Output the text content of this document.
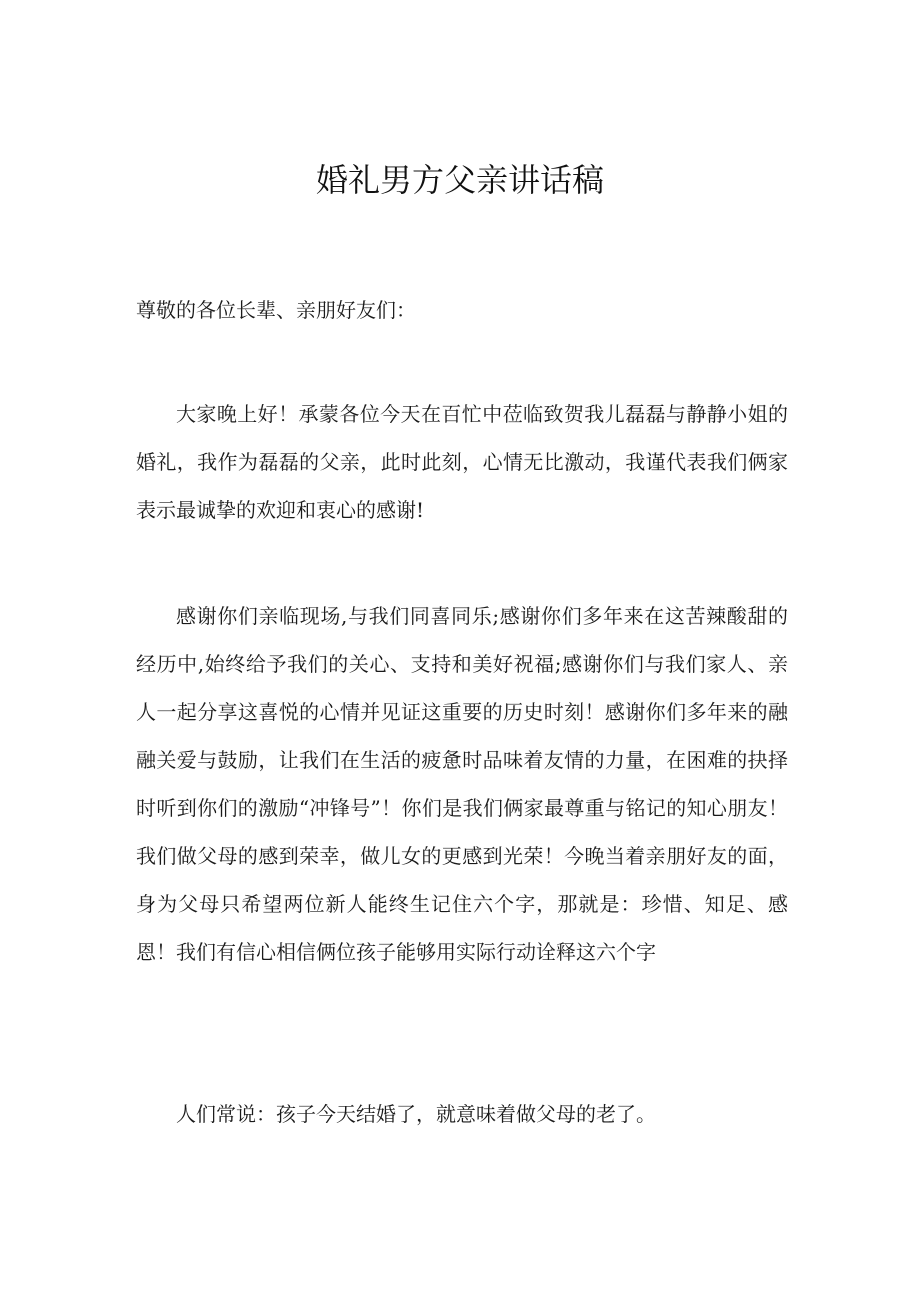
婚礼男方父亲讲话稿

尊敬的各位长辈、亲朋好友们：

大家晚上好！承蒙各位今天在百忙中莅临致贺我儿磊磊与静静小姐的婚礼，我作为磊磊的父亲，此时此刻，心情无比激动，我谨代表我们俩家表示最诚挚的欢迎和衷心的感谢!

感谢你们亲临现场,与我们同喜同乐;感谢你们多年来在这苦辣酸甜的经历中,始终给予我们的关心、支持和美好祝福;感谢你们与我们家人、亲人一起分享这喜悦的心情并见证这重要的历史时刻！感谢你们多年来的融融关爱与鼓励，让我们在生活的疲惫时品味着友情的力量，在困难的抉择时听到你们的激励“冲锋号”！你们是我们俩家最尊重与铭记的知心朋友！我们做父母的感到荣幸，做儿女的更感到光荣！今晚当着亲朋好友的面，身为父母只希望两位新人能终生记住六个字，那就是：珍惜、知足、感恩！我们有信心相信俩位孩子能够用实际行动诠释这六个字

人们常说：孩子今天结婚了，就意味着做父母的老了。
